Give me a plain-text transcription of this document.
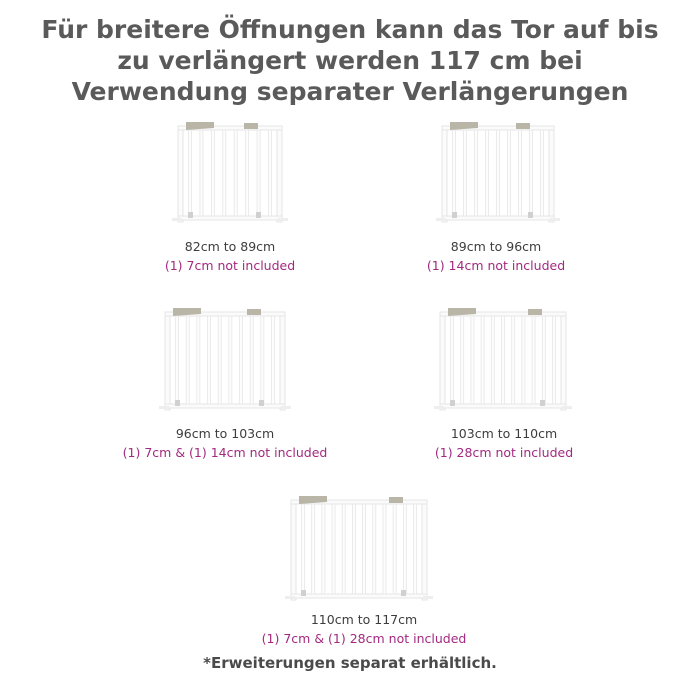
Für breitere Öffnungen kann das Tor auf bis
zu verlängert werden 117 cm bei
Verwendung separater Verlängerungen
82cm to 89cm
(1) 7cm not included
89cm to 96cm
(1) 14cm not included
96cm to 103cm
(1) 7cm & (1) 14cm not included
103cm to 110cm
(1) 28cm not included
110cm to 117cm
(1) 7cm & (1) 28cm not included
*Erweiterungen separat erhältlich.
